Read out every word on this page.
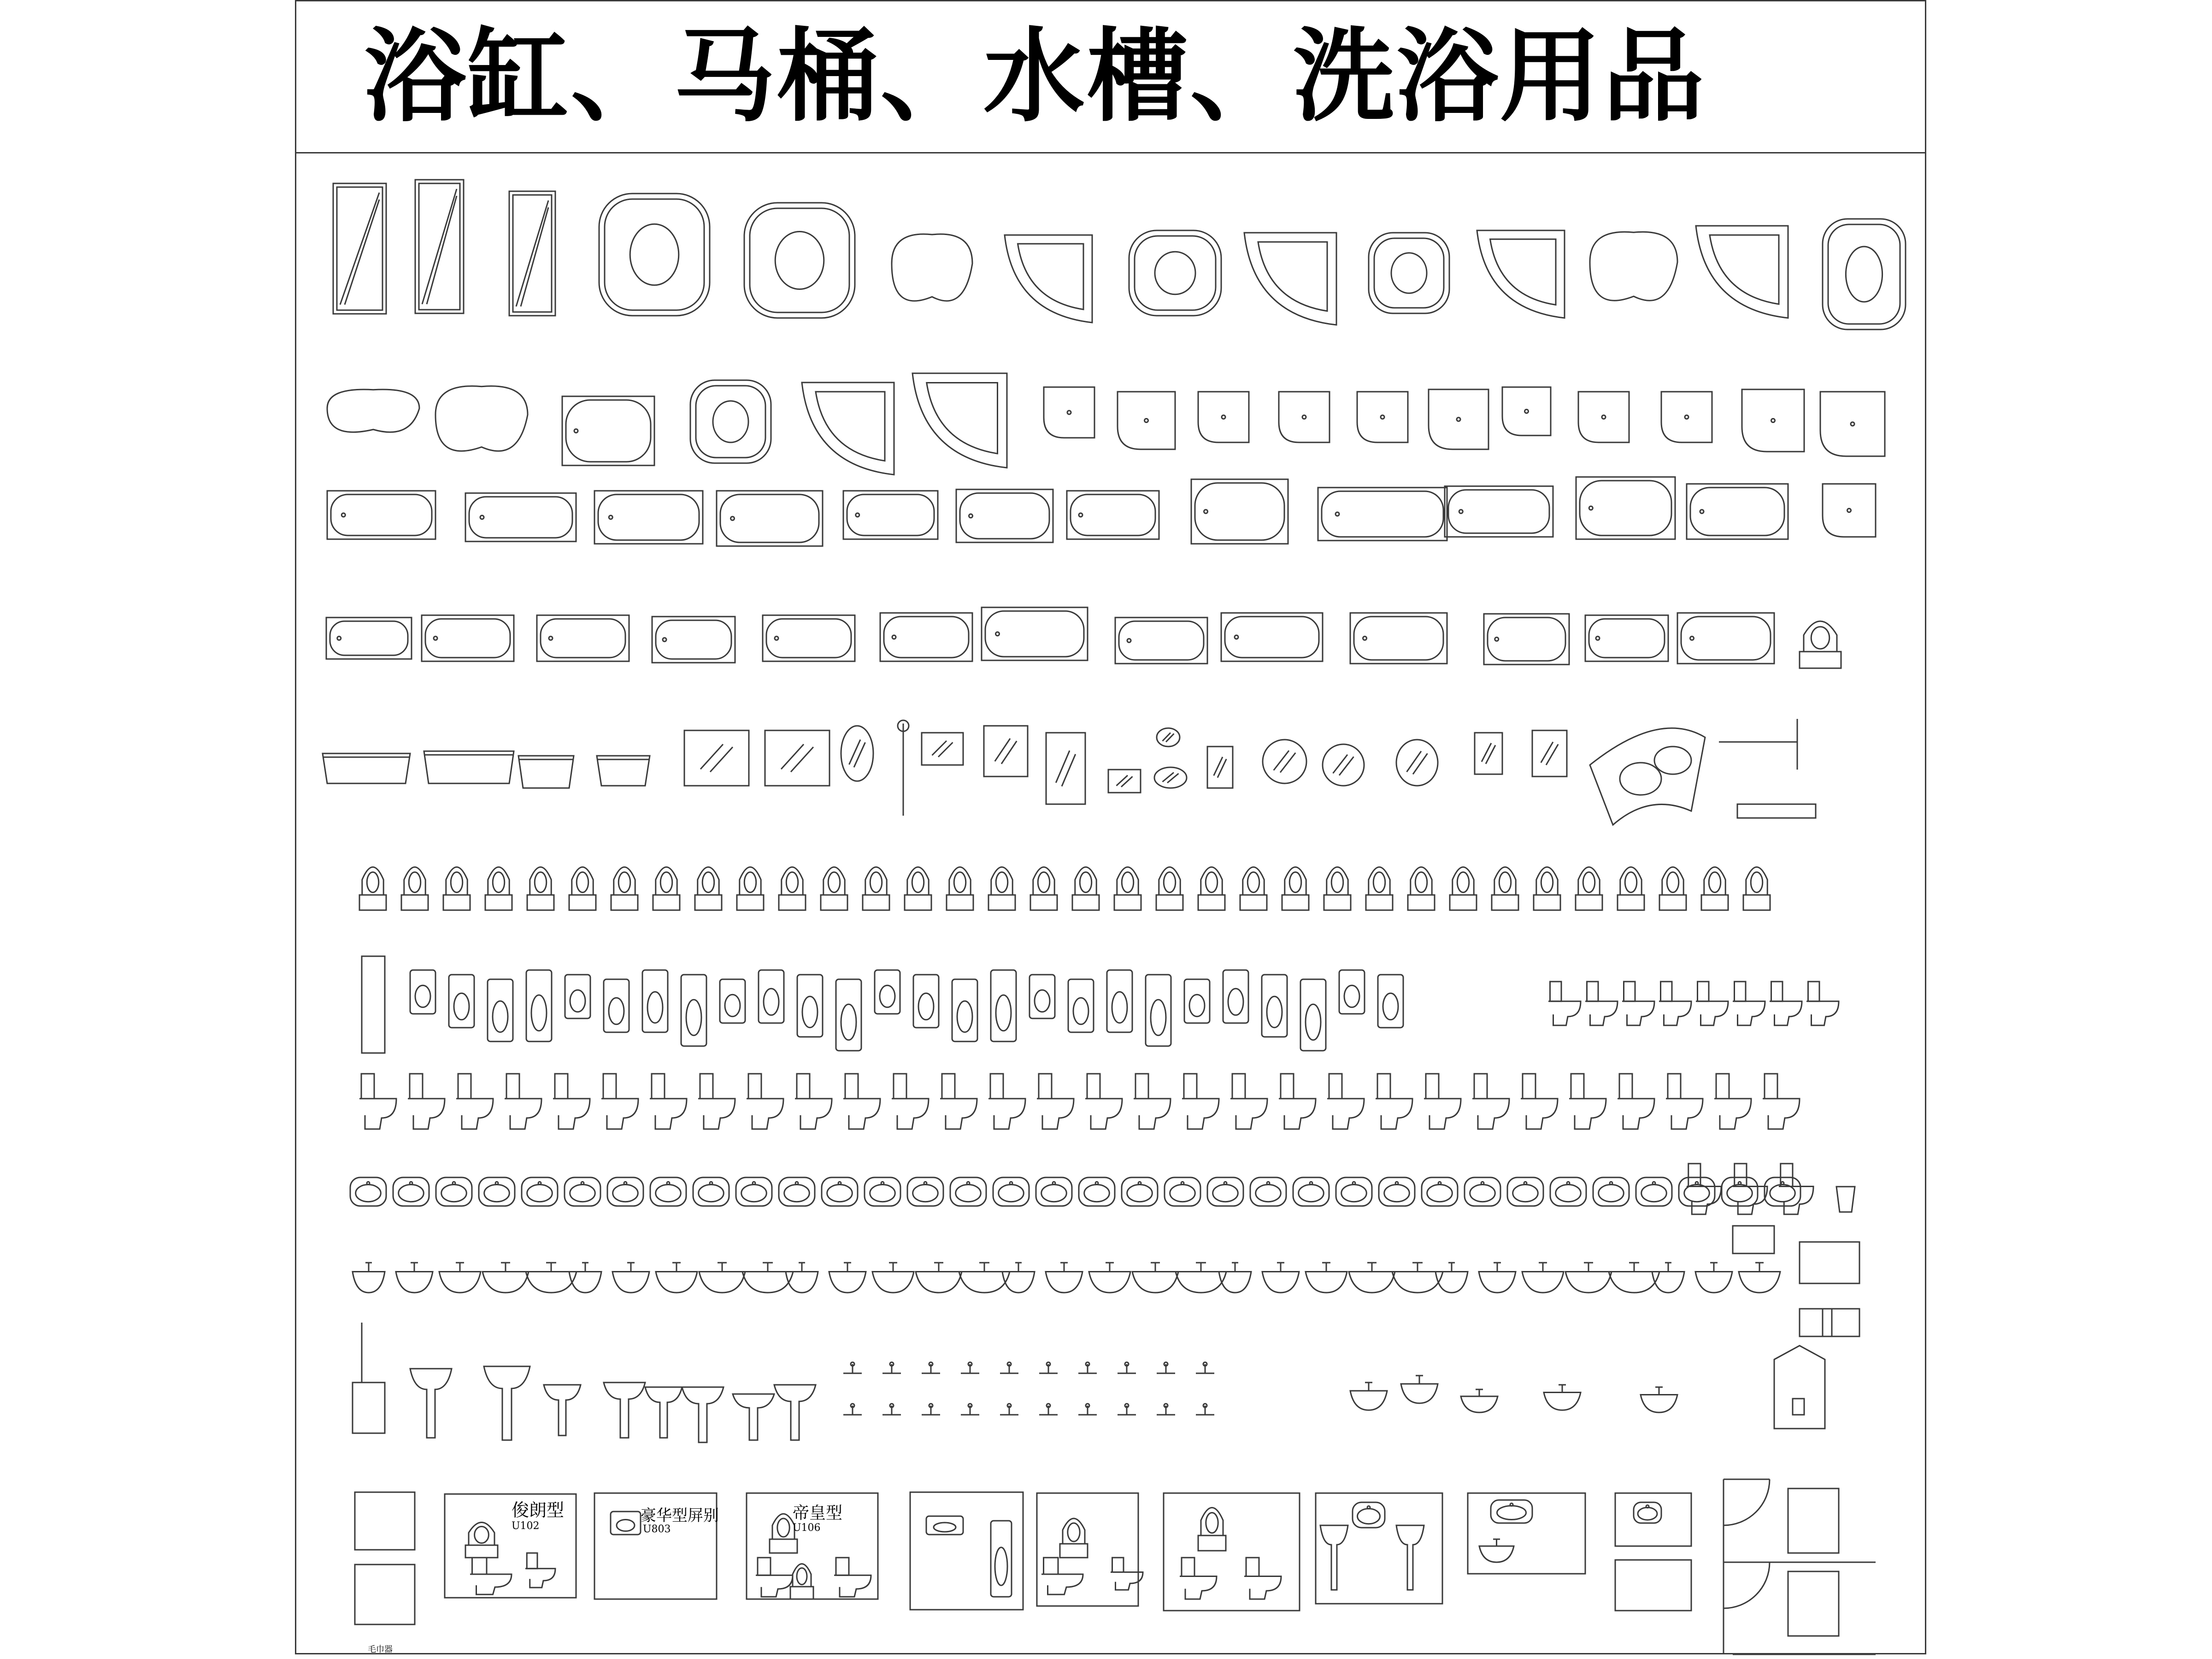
浴缸、马桶、水槽、洗浴用品
俊朗型
U102
豪华型屏别
U803
帝皇型
U106
毛巾器
